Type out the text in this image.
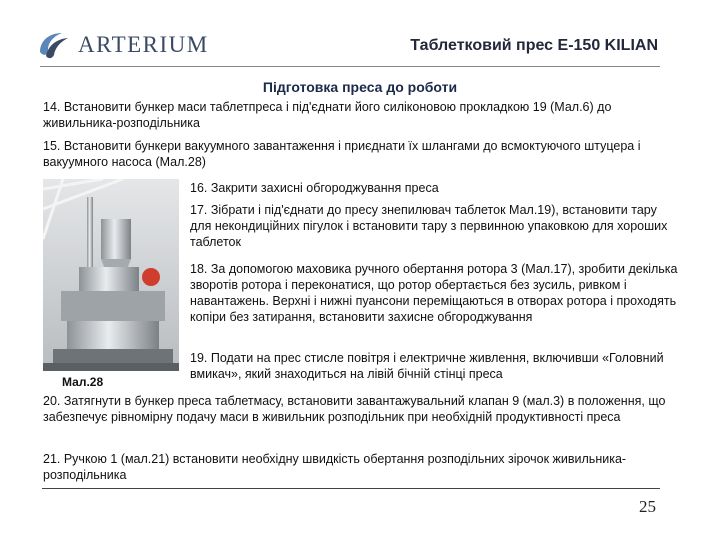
ARTERIUM	Таблетковий прес E-150 KILIAN
Підготовка преса до роботи

14. Встановити бункер маси таблетпреса і під'єднати його силіконовою прокладкою 19 (Мал.6) до живильника-розподільника

15. Встановити бункери вакуумного завантаження і приєднати їх шлангами до всмоктуючого штуцера і вакуумного насоса (Мал.28)

Мал.28

16. Закрити захисні обгороджування преса

17. Зібрати і під'єднати до пресу знепилювач таблеток Мал.19), встановити тару для некондиційних пігулок і встановити тару з первинною упаковкою для хороших таблеток

18. За допомогою маховика ручного обертання ротора 3 (Мал.17), зробити декілька зворотів ротора і переконатися, що ротор обертається без зусиль, ривком і навантажень. Верхні і нижні пуансони переміщаються в отворах ротора і проходять копіри без затирання, встановити захисне обгороджування

19. Подати на прес стисле повітря і електричне живлення, включивши «Головний вмикач», який знаходиться на лівій бічній стінці преса

20. Затягнути в бункер преса таблетмасу, встановити завантажувальний клапан 9 (мал.3) в положення, що забезпечує рівномірну подачу маси в живильник розподільник при необхідній продуктивності преса

21. Ручкою 1 (мал.21) встановити необхідну швидкість обертання розподільних зірочок живильника-розподільника

25
